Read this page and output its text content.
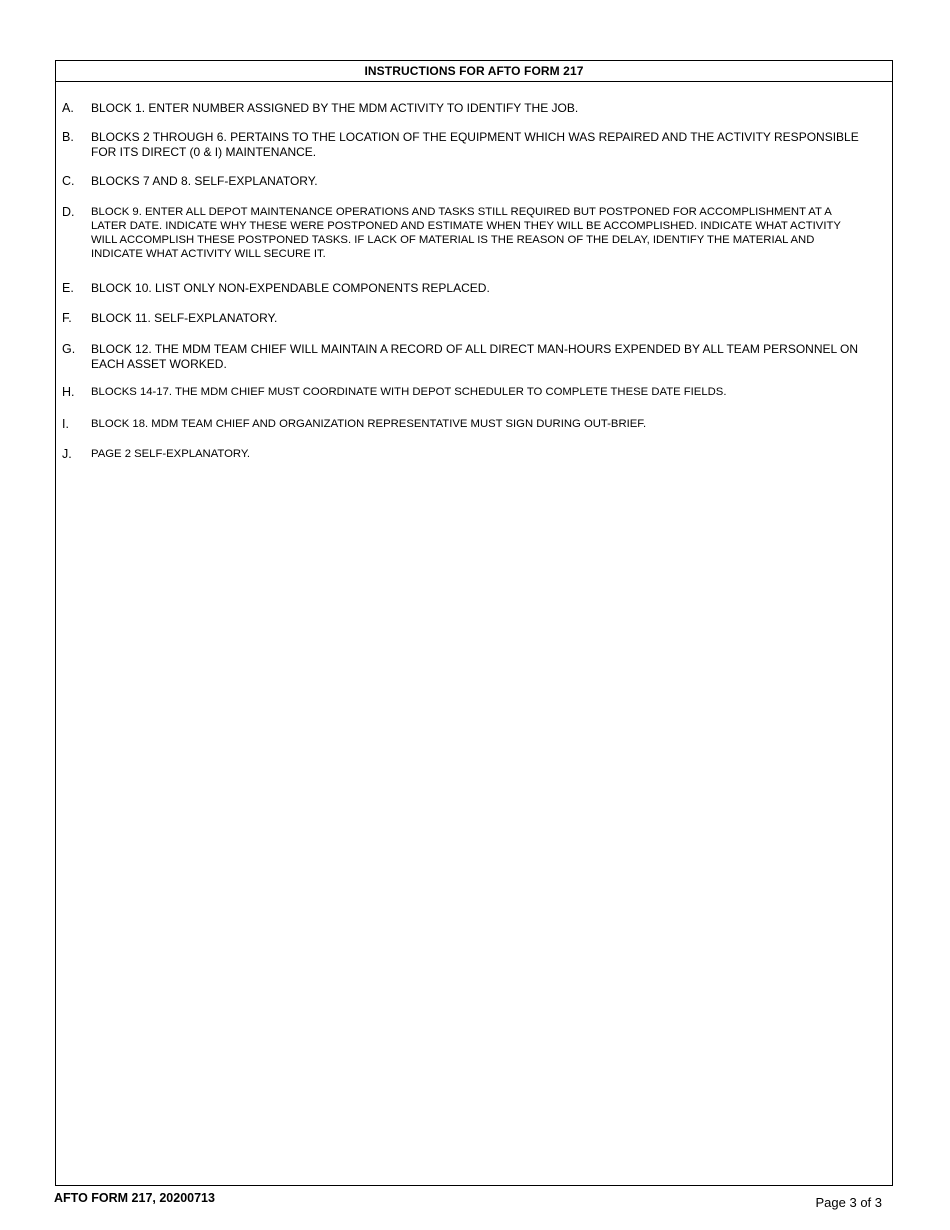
INSTRUCTIONS FOR AFTO FORM 217
A. BLOCK 1. ENTER NUMBER ASSIGNED BY THE MDM ACTIVITY TO IDENTIFY THE JOB.
B. BLOCKS 2 THROUGH 6. PERTAINS TO THE LOCATION OF THE EQUIPMENT WHICH WAS REPAIRED AND THE ACTIVITY RESPONSIBLE FOR ITS DIRECT (0 & I) MAINTENANCE.
C. BLOCKS 7 AND 8. SELF-EXPLANATORY.
D. BLOCK 9. ENTER ALL DEPOT MAINTENANCE OPERATIONS AND TASKS STILL REQUIRED BUT POSTPONED FOR ACCOMPLISHMENT AT A LATER DATE. INDICATE WHY THESE WERE POSTPONED AND ESTIMATE WHEN THEY WILL BE ACCOMPLISHED. INDICATE WHAT ACTIVITY WILL ACCOMPLISH THESE POSTPONED TASKS. IF LACK OF MATERIAL IS THE REASON OF THE DELAY, IDENTIFY THE MATERIAL AND INDICATE WHAT ACTIVITY WILL SECURE IT.
E. BLOCK 10. LIST ONLY NON-EXPENDABLE COMPONENTS REPLACED.
F. BLOCK 11. SELF-EXPLANATORY.
G. BLOCK 12. THE MDM TEAM CHIEF WILL MAINTAIN A RECORD OF ALL DIRECT MAN-HOURS EXPENDED BY ALL TEAM PERSONNEL ON EACH ASSET WORKED.
H. BLOCKS 14-17. THE MDM CHIEF MUST COORDINATE WITH DEPOT SCHEDULER TO COMPLETE THESE DATE FIELDS.
I. BLOCK 18. MDM TEAM CHIEF AND ORGANIZATION REPRESENTATIVE MUST SIGN DURING OUT-BRIEF.
J. PAGE 2 SELF-EXPLANATORY.
AFTO FORM 217, 20200713	Page 3 of 3
